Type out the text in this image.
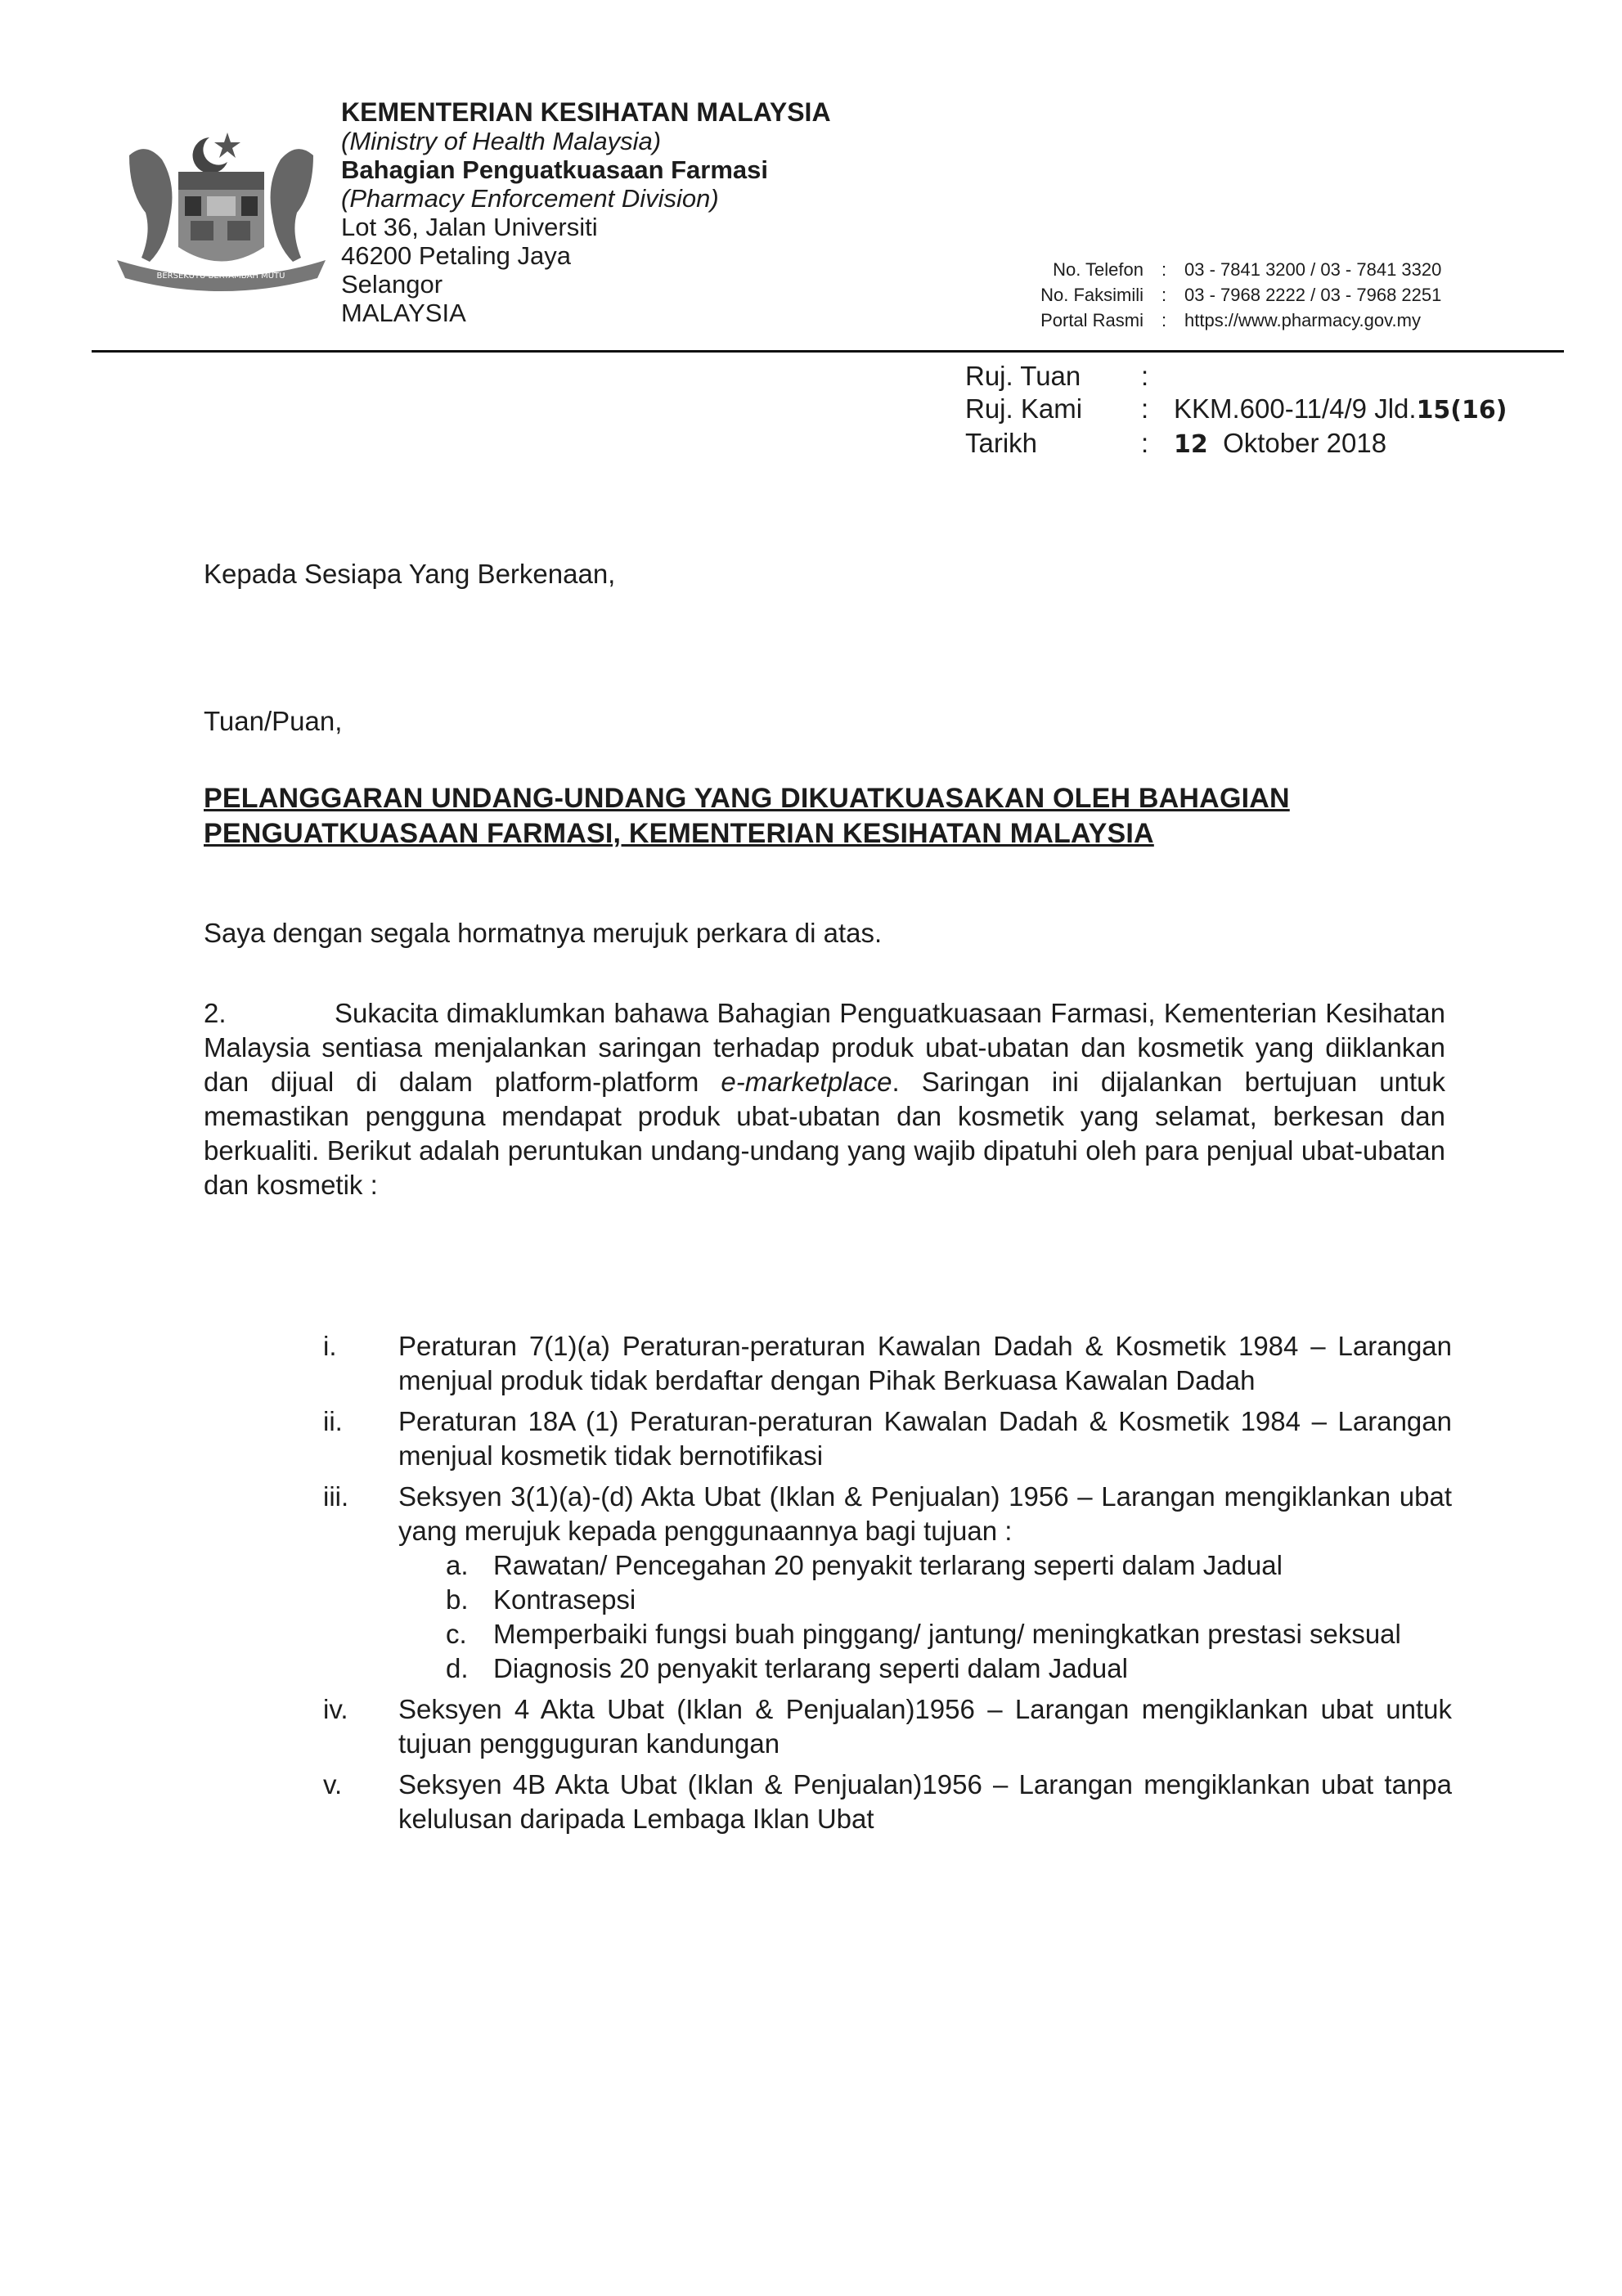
BERSEKUTU BERTAMBAH MUTU
KEMENTERIAN KESIHATAN MALAYSIA
(Ministry of Health Malaysia)
Bahagian Penguatkuasaan Farmasi
(Pharmacy Enforcement Division)
Lot 36, Jalan Universiti
46200 Petaling Jaya
Selangor
MALAYSIA
No. Telefon : 03 - 7841 3200 / 03 - 7841 3320
No. Faksimili : 03 - 7968 2222 / 03 - 7968 2251
Portal Rasmi : https://www.pharmacy.gov.my
Ruj. Tuan	:
Ruj. Kami	: KKM.600-11/4/9 Jld.15(16)
Tarikh	:	12 Oktober 2018
Kepada Sesiapa Yang Berkenaan,
Tuan/Puan,
PELANGGARAN UNDANG-UNDANG YANG DIKUATKUASAKAN OLEH BAHAGIAN
PENGUATKUASAAN FARMASI, KEMENTERIAN KESIHATAN MALAYSIA
Saya dengan segala hormatnya merujuk perkara di atas.
2.	Sukacita dimaklumkan bahawa Bahagian Penguatkuasaan Farmasi, Kementerian Kesihatan Malaysia sentiasa menjalankan saringan terhadap produk ubat-ubatan dan kosmetik yang diiklankan dan dijual di dalam platform-platform e-marketplace. Saringan ini dijalankan bertujuan untuk memastikan pengguna mendapat produk ubat-ubatan dan kosmetik yang selamat, berkesan dan berkualiti. Berikut adalah peruntukan undang-undang yang wajib dipatuhi oleh para penjual ubat-ubatan dan kosmetik :
i.	Peraturan 7(1)(a) Peraturan-peraturan Kawalan Dadah & Kosmetik 1984 – Larangan menjual produk tidak berdaftar dengan Pihak Berkuasa Kawalan Dadah
ii.	Peraturan 18A (1) Peraturan-peraturan Kawalan Dadah & Kosmetik 1984 – Larangan menjual kosmetik tidak bernotifikasi
iii.	Seksyen 3(1)(a)-(d) Akta Ubat (Iklan & Penjualan) 1956 – Larangan mengiklankan ubat yang merujuk kepada penggunaannya bagi tujuan :
a. Rawatan/ Pencegahan 20 penyakit terlarang seperti dalam Jadual
b. Kontrasepsi
c. Memperbaiki fungsi buah pinggang/ jantung/ meningkatkan prestasi seksual
d. Diagnosis 20 penyakit terlarang seperti dalam Jadual
iv.	Seksyen 4 Akta Ubat (Iklan & Penjualan)1956 – Larangan mengiklankan ubat untuk tujuan pengguguran kandungan
v.	Seksyen 4B Akta Ubat (Iklan & Penjualan)1956 – Larangan mengiklankan ubat tanpa kelulusan daripada Lembaga Iklan Ubat
